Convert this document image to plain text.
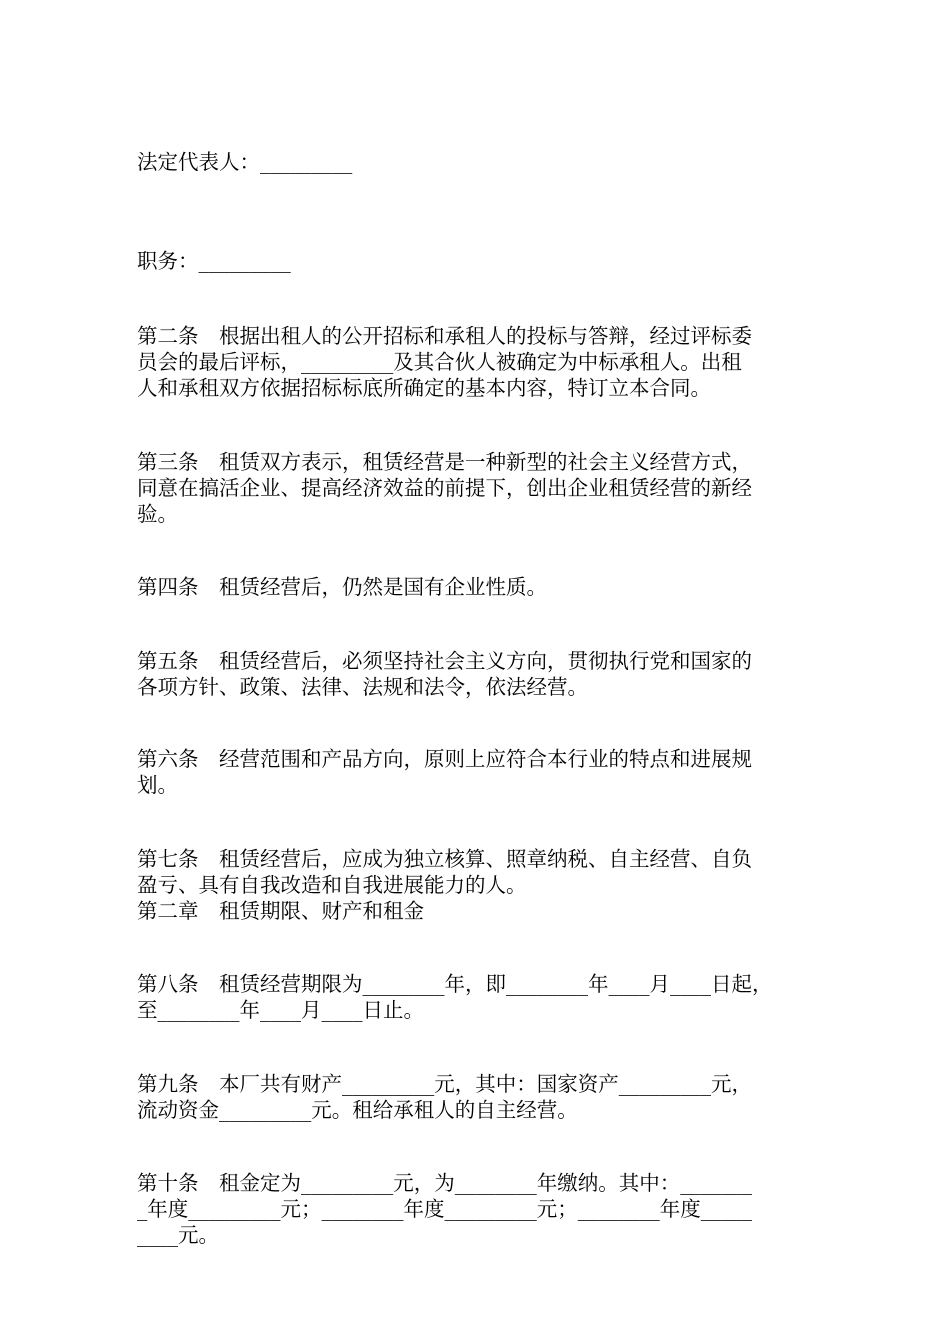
法定代表人：_________
职务：_________
第二条　根据出租人的公开招标和承租人的投标与答辩，经过评标委
员会的最后评标，_________及其合伙人被确定为中标承租人。出租
人和承租双方依据招标标底所确定的基本内容，特订立本合同。
第三条　租赁双方表示，租赁经营是一种新型的社会主义经营方式，
同意在搞活企业、提高经济效益的前提下，创出企业租赁经营的新经
验。
第四条　租赁经营后，仍然是国有企业性质。
第五条　租赁经营后，必须坚持社会主义方向，贯彻执行党和国家的
各项方针、政策、法律、法规和法令，依法经营。
第六条　经营范围和产品方向，原则上应符合本行业的特点和进展规
划。
第七条　租赁经营后，应成为独立核算、照章纳税、自主经营、自负
盈亏、具有自我改造和自我进展能力的人。
第二章　租赁期限、财产和租金
第八条　租赁经营期限为________年，即________年____月____日起，
至________年____月____日止。
第九条　本厂共有财产_________元，其中：国家资产_________元，
流动资金_________元。租给承租人的自主经营。
第十条　租金定为_________元，为________年缴纳。其中：_______
_年度_________元；________年度_________元；________年度_____
____元。
